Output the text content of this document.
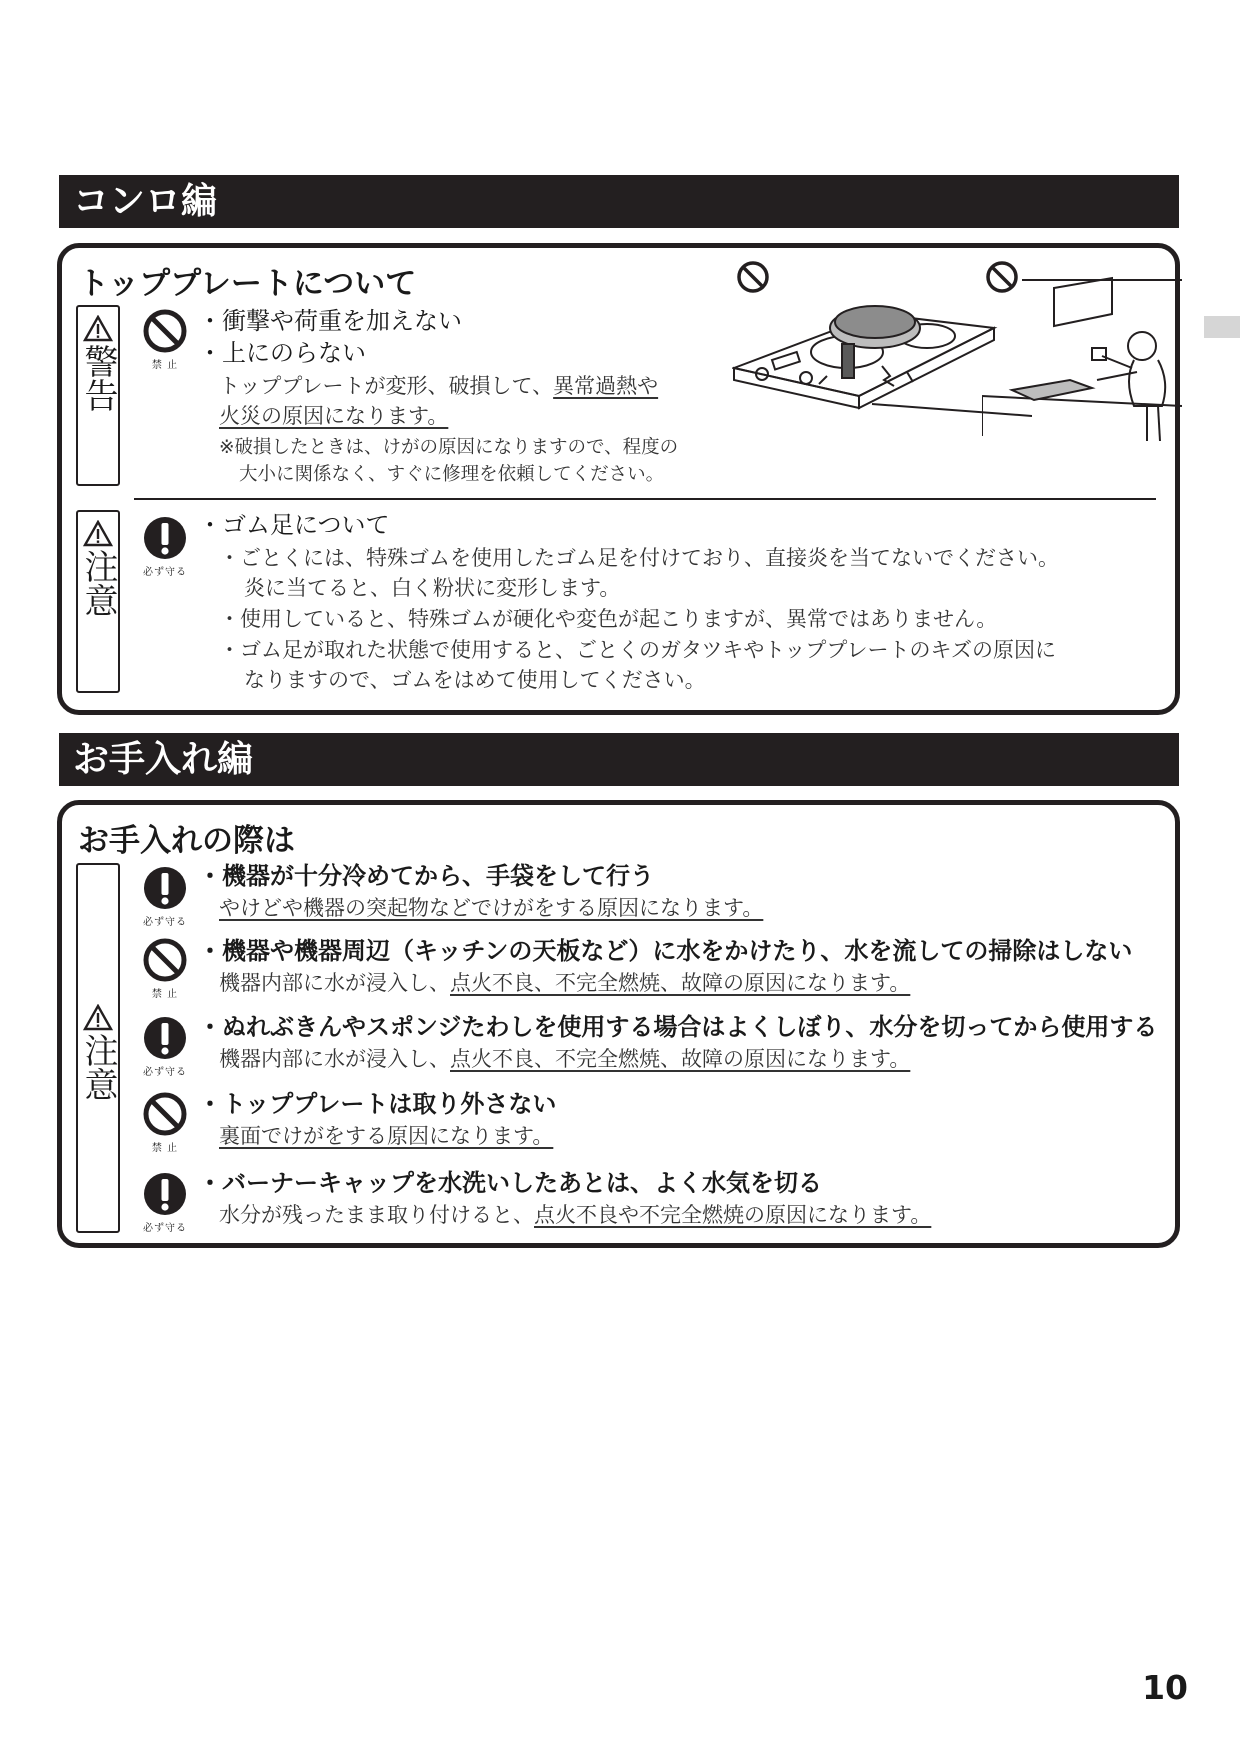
コンロ編
トッププレートについて
警告	禁 止
・衝撃や荷重を加えない
・上にのらない
トッププレートが変形、破損して、異常過熱や
火災の原因になります。
※破損したときは、けがの原因になりますので、程度の
大小に関係なく、すぐに修理を依頼してください。
注意	必ず守る
・ゴム足について
・ごとくには、特殊ゴムを使用したゴム足を付けており、直接炎を当てないでください。
炎に当てると、白く粉状に変形します。
・使用していると、特殊ゴムが硬化や変色が起こりますが、異常ではありません。
・ゴム足が取れた状態で使用すると、ごとくのガタツキやトッププレートのキズの原因に
なりますので、ゴムをはめて使用してください。
お手入れ編
お手入れの際は
注意
必ず守る
・機器が十分冷めてから、手袋をして行う
やけどや機器の突起物などでけがをする原因になります。
禁 止
・機器や機器周辺（キッチンの天板など）に水をかけたり、水を流しての掃除はしない
機器内部に水が浸入し、点火不良、不完全燃焼、故障の原因になります。
必ず守る
・ぬれぶきんやスポンジたわしを使用する場合はよくしぼり、水分を切ってから使用する
機器内部に水が浸入し、点火不良、不完全燃焼、故障の原因になります。
禁 止
・トッププレートは取り外さない
裏面でけがをする原因になります。
必ず守る
・バーナーキャップを水洗いしたあとは、よく水気を切る
水分が残ったまま取り付けると、点火不良や不完全燃焼の原因になります。
10
